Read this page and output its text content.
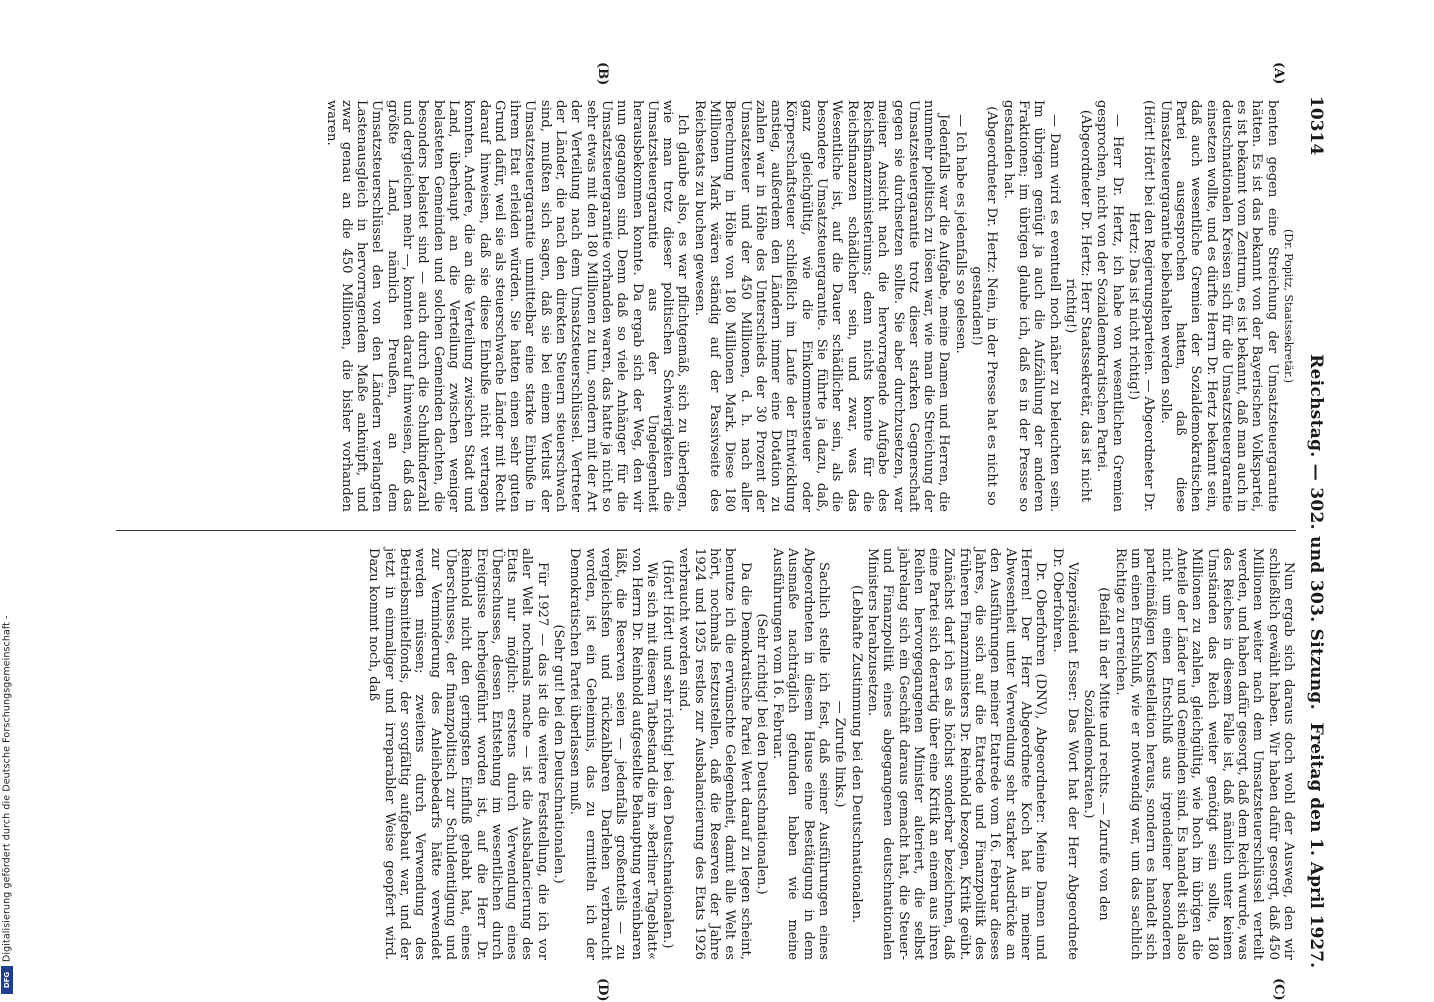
Digitalisierung gefördert durch die Deutsche Forschungsgemeinschaft -
DFG
10314
Reichstag. — 302. und 303. Sitzung.
Freitag den 1. April 1927.
(A)
(B)
(C)
(D)

(Dr. Popitz, Staatssekretär.)

benten gegen eine Streichung der Umsatzsteuergarantie hätten. Es ist das bekannt von der Bayerischen Volkspartei, es ist bekannt vom Zentrum, es ist bekannt, daß man auch in deutschnationalen Kreisen sich für die Umsatzsteuergarantie einsetzen wollte, und es dürfte Herrn Dr. Hertz bekannt sein, daß auch wesentliche Gremien der Sozialdemokratischen Partei ausgesprochen hatten, daß diese Umsatzsteuergarantie beibehalten werden solle.

(Hört! Hört! bei den Regierungsparteien. — Abgeordneter Dr. Hertz: Das ist nicht richtig!)

— Herr Dr. Hertz, ich habe von wesentlichen Gremien gesprochen, nicht von der Sozialdemokratischen Partei.

(Abgeordneter Dr. Hertz: Herr Staatssekretär, das ist nicht richtig!)

— Dann wird es eventuell noch näher zu beleuchten sein. Im übrigen genügt ja auch die Aufzählung der anderen Fraktionen; im übrigen glaube ich, daß es in der Presse so gestanden hat.

(Abgeordneter Dr. Hertz: Nein, in der Presse hat es nicht so gestanden!)

— Ich habe es jedenfalls so gelesen.

Jedenfalls war die Aufgabe, meine Damen und Herren, die nunmehr politisch zu lösen war, wie man die Streichung der Umsatzsteuergarantie trotz dieser starken Gegnerschaft gegen sie durchsetzen sollte. Sie aber durchzusetzen, war meiner Ansicht nach die hervorragende Aufgabe des Reichsfinanzministeriums; denn nichts konnte für die Reichsfinanzen schädlicher sein, und zwar, was das Wesentliche ist, auf die Dauer schädlicher sein, als die besondere Umsatzsteuergarantie. Sie führte ja dazu, daß, ganz gleichgültig, wie die Einkommensteuer oder Körperschaftsteuer schließlich im Laufe der Entwicklung anstieg, außerdem den Ländern immer eine Dotation zu zahlen war in Höhe des Unterschieds der 30 Prozent der Umsatzsteuer und der 450 Millionen, d. h. nach aller Berechnung in Höhe von 180 Millionen Mark. Diese 180 Millionen Mark wären ständig auf der Passivseite des Reichsetats zu buchen gewesen.

Ich glaube also, es war pflichtgemäß, sich zu überlegen, wie man trotz dieser politischen Schwierigkeiten die Umsatzsteuergarantie aus der Ungelegenheit herausbekommen konnte. Da ergab sich der Weg, den wir nun gegangen sind. Denn daß so viele Anhänger für die Umsatzsteuergarantie vorhanden waren, das hatte ja nicht so sehr etwas mit den 180 Millionen zu tun, sondern mit der Art der Verteilung nach dem Umsatzsteuerschlüssel. Vertreter der Länder, die nach den direkten Steuern steuerschwach sind, mußten sich sagen, daß sie bei einem Verlust der Umsatzsteuergarantie unmittelbar eine starke Einbuße in ihrem Etat erleiden würden. Sie hatten einen sehr guten Grund dafür, weil sie als steuerschwache Länder mit Recht darauf hinweisen, daß sie diese Einbuße nicht vertragen konnten. Andere, die an die Verteilung zwischen Stadt und Land, überhaupt an die Verteilung zwischen weniger belasteten Gemeinden und solchen Gemeinden dachten, die besonders belastet sind — auch durch die Schulkinderzahl und dergleichen mehr —, konnten darauf hinweisen, daß das größte Land, nämlich Preußen, an dem Umsatzsteuerschlüssel den von den Ländern verlangten Lastenausgleich in hervorragendem Maße anknüpft, und zwar genau an die 450 Millionen, die bisher vorhanden waren.

Nun ergab sich daraus doch wohl der Ausweg, den wir schließlich gewählt haben. Wir haben dafür gesorgt, daß 450 Millionen weiter nach dem Umsatzsteuerschlüssel verteilt werden, und haben dafür gesorgt, daß dem Reich wurde, was des Reiches in diesem Falle ist, daß nämlich unter keinen Umständen das Reich weiter genötigt sein sollte, 180 Millionen zu zahlen, gleichgültig, wie hoch im übrigen die Anteile der Länder und Gemeinden sind. Es handelt sich also nicht um einen Entschluß aus irgendeiner besonderen parteimäßigen Konstellation heraus, sondern es handelt sich um einen Entschluß, wie er notwendig war, um das sachlich Richtige zu erreichen.

(Beifall in der Mitte und rechts. — Zurufe von den Sozialdemokraten.)

Vizepräsident Esser: Das Wort hat der Herr Abgeordnete Dr. Oberfohren.

Dr. Oberfohren (DNV), Abgeordneter: Meine Damen und Herren! Der Herr Abgeordnete Koch hat in meiner Abwesenheit unter Verwendung sehr starker Ausdrücke an den Ausführungen meiner Etatrede vom 16. Februar dieses Jahres, die sich auf die Etatrede und Finanzpolitik des früheren Finanzministers Dr. Reinhold bezogen, Kritik geübt. Zunächst darf ich es als höchst sonderbar bezeichnen, daß eine Partei sich derartig über eine Kritik an einem aus ihren Reihen hervorgegangenen Minister alteriert, die selbst jahrelang sich ein Geschäft daraus gemacht hat, die Steuer- und Finanzpolitik eines abgegangenen deutschnationalen Ministers herabzusetzen.

(Lebhafte Zustimmung bei den Deutschnationalen.

— Zurufe links.)

Sachlich stelle ich fest, daß seiner Ausführungen eines Abgeordneten in diesem Hause eine Bestätigung in dem Ausmaße nachträglich gefunden haben wie meine Ausführungen vom 16. Februar.

(Sehr richtig! bei den Deutschnationalen.)

Da die Demokratische Partei Wert darauf zu legen scheint, benutze ich die erwünschte Gelegenheit, damit alle Welt es hört, nochmals festzustellen, daß die Reserven der Jahre 1924 und 1925 restlos zur Ausbalancierung des Etats 1926 verbraucht worden sind.

(Hört! Hört! und sehr richtig! bei den Deutschnationalen.)

Wie sich mit diesem Tatbestand die im »Berliner Tageblatt« von Herrn Dr. Reinhold aufgestellte Behauptung vereinbaren läßt, die Reserven seien — jedenfalls großenteils — zu vergleichsfen und rückzahlbaren Darlehen verbraucht worden, ist ein Geheimnis, das zu ermitteln ich der Demokratischen Partei überlassen muß.

(Sehr gut! bei den Deutschnationalen.)

Für 1927 — das ist die weitere Feststellung, die ich vor aller Welt nochmals mache — ist die Ausbalancierung des Etats nur möglich: erstens durch Verwendung eines Überschusses, dessen Entstehung im wesentlichen durch Ereignisse herbeigeführt worden ist, auf die Herr Dr. Reinhold nicht den geringsten Einfluß gehabt hat, eines Überschusses, der finanzpolitisch zur Schuldentilgung und zur Verminderung des Anleihebedarfs hätte verwendet werden müssen; zweitens durch Verwendung des Betriebsmittelfonds, der sorgfältig aufgebaut war, und der jetzt in einmaliger und irreparabler Weise geopfert wird. Dazu kommt noch, daß
